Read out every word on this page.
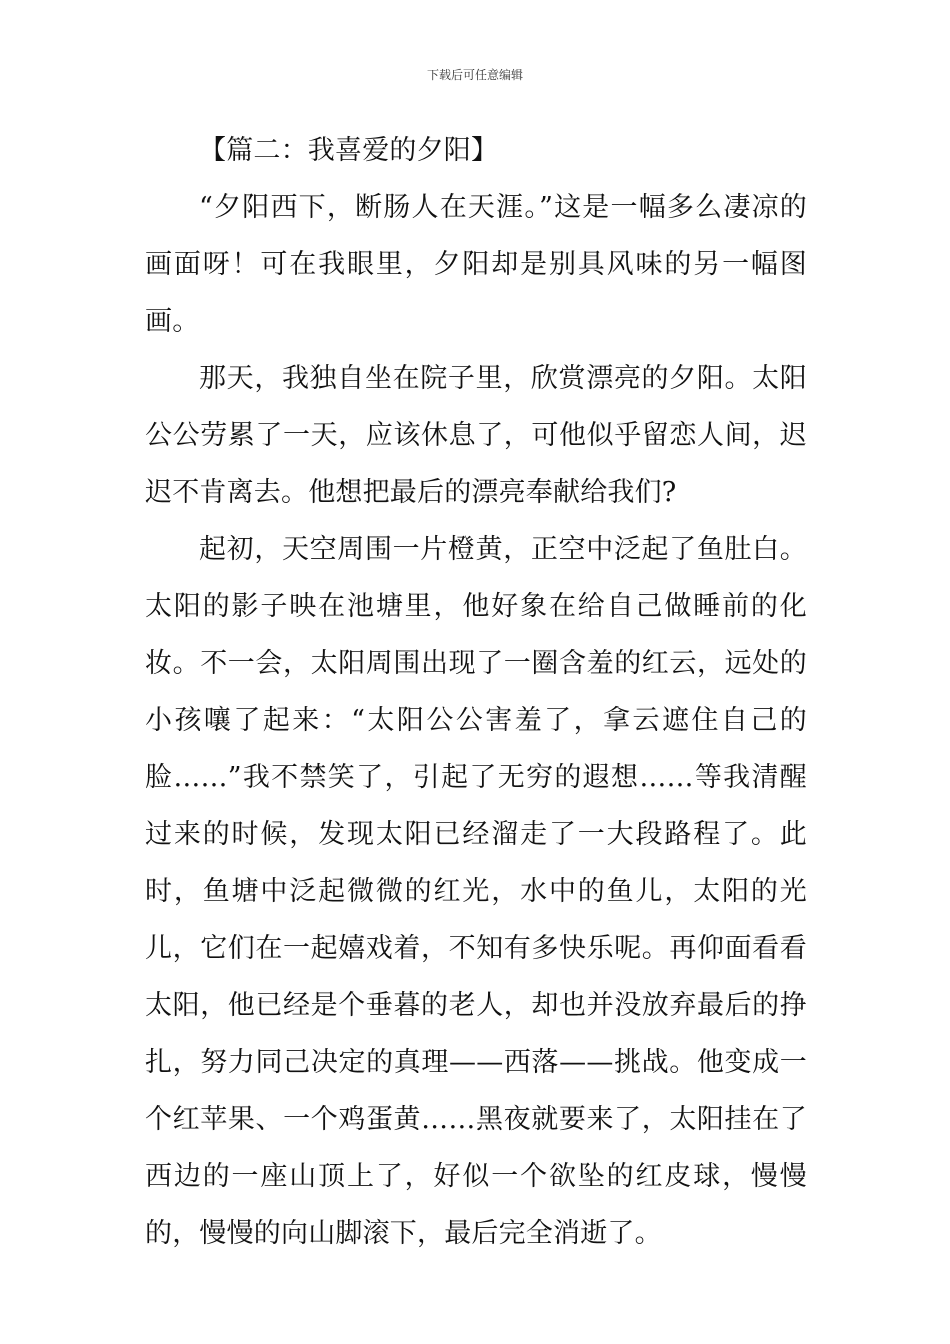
下载后可任意编辑

【篇二：我喜爱的夕阳】

“夕阳西下，断肠人在天涯。”这是一幅多么凄凉的画面呀！可在我眼里，夕阳却是别具风味的另一幅图画。

那天，我独自坐在院子里，欣赏漂亮的夕阳。太阳公公劳累了一天，应该休息了，可他似乎留恋人间，迟迟不肯离去。他想把最后的漂亮奉献给我们?

起初，天空周围一片橙黄，正空中泛起了鱼肚白。太阳的影子映在池塘里，他好象在给自己做睡前的化妆。不一会，太阳周围出现了一圈含羞的红云，远处的小孩嚷了起来：“太阳公公害羞了，拿云遮住自己的脸……”我不禁笑了，引起了无穷的遐想……等我清醒过来的时候，发现太阳已经溜走了一大段路程了。此时，鱼塘中泛起微微的红光，水中的鱼儿，太阳的光儿，它们在一起嬉戏着，不知有多快乐呢。再仰面看看太阳，他已经是个垂暮的老人，却也并没放弃最后的挣扎，努力同己决定的真理——西落——挑战。他变成一个红苹果、一个鸡蛋黄……黑夜就要来了，太阳挂在了西边的一座山顶上了，好似一个欲坠的红皮球，慢慢的，慢慢的向山脚滚下，最后完全消逝了。
